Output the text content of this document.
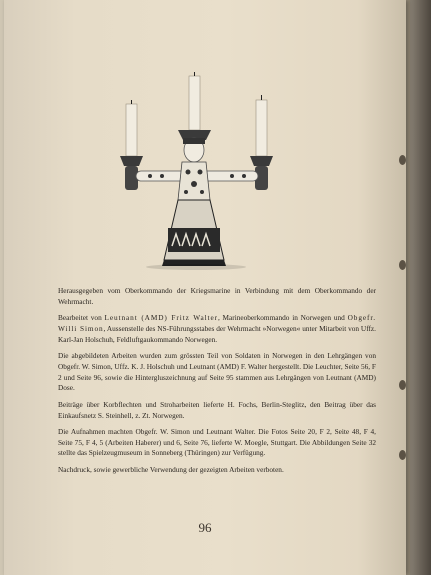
Herausgegeben vom Oberkommando der Kriegsmarine in Verbindung mit dem Oberkommando der Wehrmacht.

Bearbeitet von Leutnant (AMD) Fritz Walter, Marineoberkommando in Norwegen und Obgefr. Willi Simon, Aussenstelle des NS-Führungsstabes der Wehrmacht »Norwegen« unter Mitarbeit von Uffz. Karl-Jan Holschuh, Feldluftgaukommando Norwegen.

Die abgebildeten Arbeiten wurden zum grössten Teil von Soldaten in Norwegen in den Lehrgängen von Obgefr. W. Simon, Uffz. K. J. Holschuh und Leutnant (AMD) F. Walter hergestellt. Die Leuchter, Seite 56, F 2 und Seite 96, sowie die Hintergluszeichnung auf Seite 95 stammen aus Lehrgängen von Leutnant (AMD) Dose.

Beiträge über Korbflechten und Stroharbeiten lieferte H. Fochs, Berlin-Steglitz, den Beitrag über das Einkaufsnetz S. Steinhell, z. Zt. Norwegen.

Die Aufnahmen machten Obgefr. W. Simon und Leutnant Walter. Die Fotos Seite 20, F 2, Seite 48, F 4, Seite 75, F 4, 5 (Arbeiten Haberer) und 6, Seite 76, lieferte W. Moegle, Stuttgart. Die Abbildungen Seite 32 stellte das Spielzeugmuseum in Sonneberg (Thüringen) zur Verfügung.

Nachdruck, sowie gewerbliche Verwendung der gezeigten Arbeiten verboten.

96
